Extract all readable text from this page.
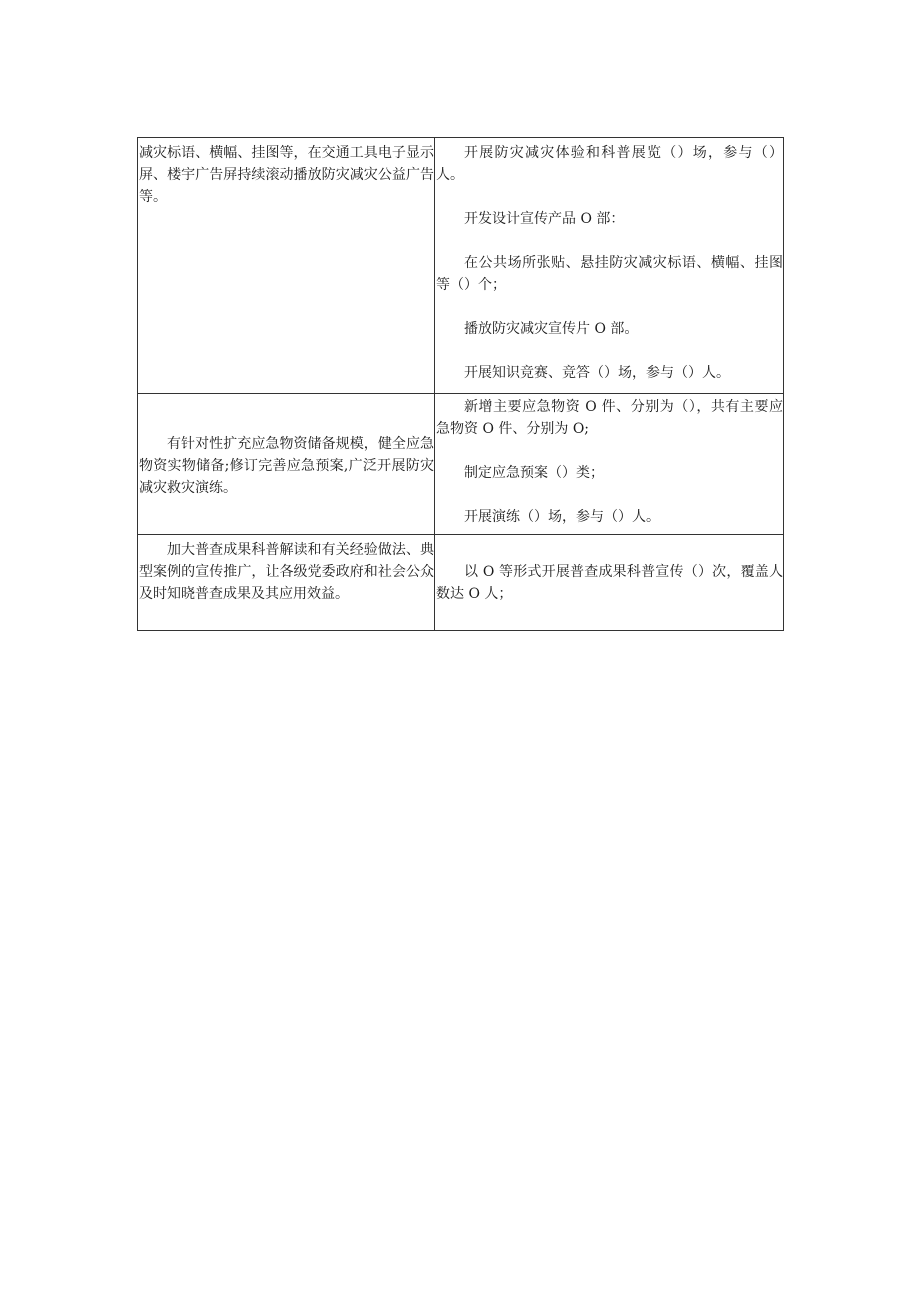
减灾标语、横幅、挂图等，在交通工具电子显示屏、楼宇广告屏持续滚动播放防灾减灾公益广告等。	开展防灾减灾体验和科普展览（）场，参与（）人。

开发设计宣传产品 O 部：

在公共场所张贴、悬挂防灾减灾标语、横幅、挂图等（）个；

播放防灾减灾宣传片 O 部。

开展知识竞赛、竞答（）场，参与（）人。

有针对性扩充应急物资储备规模，健全应急物资实物储备;修订完善应急预案,广泛开展防灾减灾救灾演练。	新增主要应急物资 O 件、分别为（），共有主要应急物资 O 件、分别为 O;

制定应急预案（）类；

开展演练（）场，参与（）人。

加大普查成果科普解读和有关经验做法、典型案例的宣传推广，让各级党委政府和社会公众及时知晓普查成果及其应用效益。	以 O 等形式开展普查成果科普宣传（）次，覆盖人数达 O 人；
